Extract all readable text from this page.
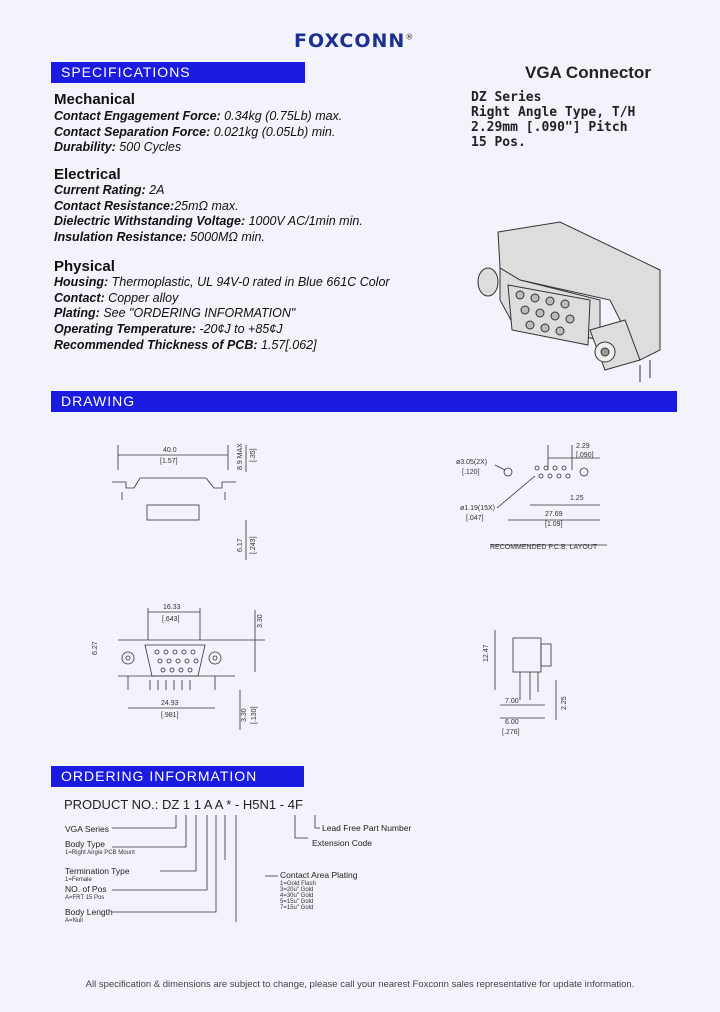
FOXCONN®
SPECIFICATIONS	VGA Connector
DZ Series
Right Angle Type, T/H
2.29mm [.090"] Pitch
15 Pos.
Mechanical
Contact Engagement Force: 0.34kg (0.75Lb) max.
Contact Separation Force: 0.021kg (0.05Lb) min.
Durability: 500 Cycles
Electrical
Current Rating: 2A
Contact Resistance:25mΩ max.
Dielectric Withstanding Voltage: 1000V AC/1min min.
Insulation Resistance: 5000MΩ min.
Physical
Housing: Thermoplastic, UL 94V-0 rated in Blue 661C Color
Contact: Copper alloy
Plating: See "ORDERING INFORMATION"
Operating Temperature: -20¢J to +85¢J
Recommended Thickness of PCB: 1.57[.062]
DRAWING
40.0
[1.57]	8.9 MAX [.35]
6.17 [.243]
2.29
[.090]
ø3.05(2X)
[.120]
ø1.19(15X)
[.047]
1.25
27.69
[1.09]
RECOMMENDED P.C.B. LAYOUT
16.33
[.643]
6.27
24.93
[.981]	3.30 [.130]
3.30
12.47
7.00
6.00
[.276]
2.25
ORDERING INFORMATION
PRODUCT NO.: DZ 1 1 A A * - H5N1 - 4F
Lead Free Part Number
Extension Code
VGA Series
Body Type
1=Right Angle PCB Mount
Termination Type
1=Female
NO. of Pos
A=FRT 15 Pos
Body Length
A=Null
Contact Area Plating
1=Gold Flash
3=20u" Gold
4=30u" Gold
5=15u" Gold
7=15u" Gold
All specification & dimensions are subject to change, please call your nearest Foxconn sales representative for update information.
